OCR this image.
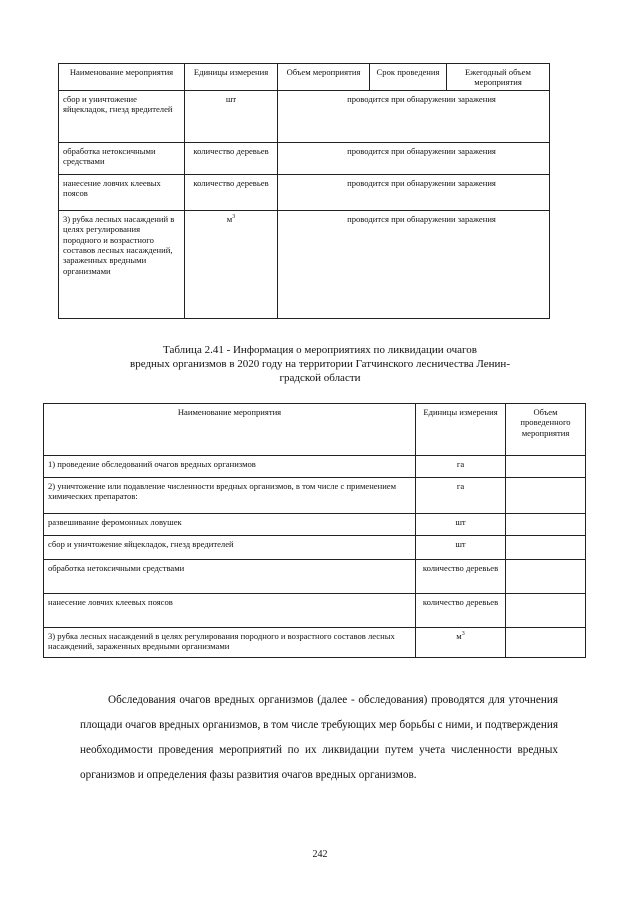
Наименование мероприятия	Единицы измерения	Объем мероприятия	Срок проведения	Ежегодный объем мероприятия
сбор и уничтожение яйцекладок, гнезд вредителей	шт	проводится при обнаружении заражения		
обработка нетоксичными средствами	количество деревьев	проводится при обнаружении заражения		
нанесение ловчих клеевых поясов	количество деревьев	проводится при обнаружении заражения		
3) рубка лесных насаждений в целях регулирования породного и возрастного составов лесных насаждений, зараженных вредными организмами	$м^3$	проводится при обнаружении заражения		
Таблица 2.41 - Информация о мероприятиях по ликвидации очагов
вредных организмов в 2020 году на территории Гатчинского лесничества Ленин-
градской области
Наименование мероприятия	Единицы измерения	Объем проведенного мероприятия
1) проведение обследований очагов вредных организмов	га	
2) уничтожение или подавление численности вредных организмов, в том числе с применением химических препаратов:	га	
развешивание феромонных ловушек	шт	
сбор и уничтожение яйцекладок, гнезд вредителей	шт	
обработка нетоксичными средствами	количество деревьев	
нанесение ловчих клеевых поясов	количество деревьев	
3) рубка лесных насаждений в целях регулирования породного и возрастного составов лесных насаждений, зараженных вредными организмами	$м^3$	
Обследования очагов вредных организмов (далее - обследования) проводятся для уточнения площади очагов вредных организмов, в том числе требующих мер борьбы с ними, и подтверждения необходимости проведения мероприятий по их ликвидации путем учета численности вредных организмов и определения фазы развития очагов вредных организмов.
242
